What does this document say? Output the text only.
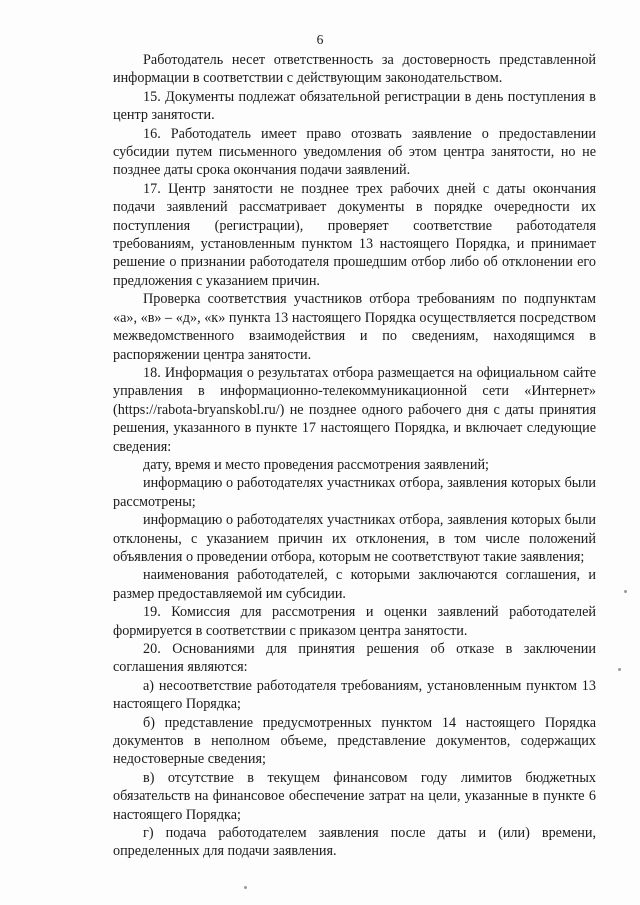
6

Работодатель несет ответственность за достоверность представленной информации в соответствии с действующим законодательством.

15. Документы подлежат обязательной регистрации в день поступления в центр занятости.

16. Работодатель имеет право отозвать заявление о предоставлении субсидии путем письменного уведомления об этом центра занятости, но не позднее даты срока окончания подачи заявлений.

17. Центр занятости не позднее трех рабочих дней с даты окончания подачи заявлений рассматривает документы в порядке очередности их поступления (регистрации), проверяет соответствие работодателя требованиям, установленным пунктом 13 настоящего Порядка, и принимает решение о признании работодателя прошедшим отбор либо об отклонении его предложения с указанием причин.

Проверка соответствия участников отбора требованиям по подпунктам «а», «в» – «д», «к» пункта 13 настоящего Порядка осуществляется посредством межведомственного взаимодействия и по сведениям, находящимся в распоряжении центра занятости.

18. Информация о результатах отбора размещается на официальном сайте управления в информационно-телекоммуникационной сети «Интернет» (https://rabota-bryanskobl.ru/) не позднее одного рабочего дня с даты принятия решения, указанного в пункте 17 настоящего Порядка, и включает следующие сведения:

дату, время и место проведения рассмотрения заявлений;

информацию о работодателях участниках отбора, заявления которых были рассмотрены;

информацию о работодателях участниках отбора, заявления которых были отклонены, с указанием причин их отклонения, в том числе положений объявления о проведении отбора, которым не соответствуют такие заявления;

наименования работодателей, с которыми заключаются соглашения, и размер предоставляемой им субсидии.

19. Комиссия для рассмотрения и оценки заявлений работодателей формируется в соответствии с приказом центра занятости.

20. Основаниями для принятия решения об отказе в заключении соглашения являются:

а) несоответствие работодателя требованиям, установленным пунктом 13 настоящего Порядка;

б) представление предусмотренных пунктом 14 настоящего Порядка документов в неполном объеме, представление документов, содержащих недостоверные сведения;

в) отсутствие в текущем финансовом году лимитов бюджетных обязательств на финансовое обеспечение затрат на цели, указанные в пункте 6 настоящего Порядка;

г) подача работодателем заявления после даты и (или) времени, определенных для подачи заявления.
